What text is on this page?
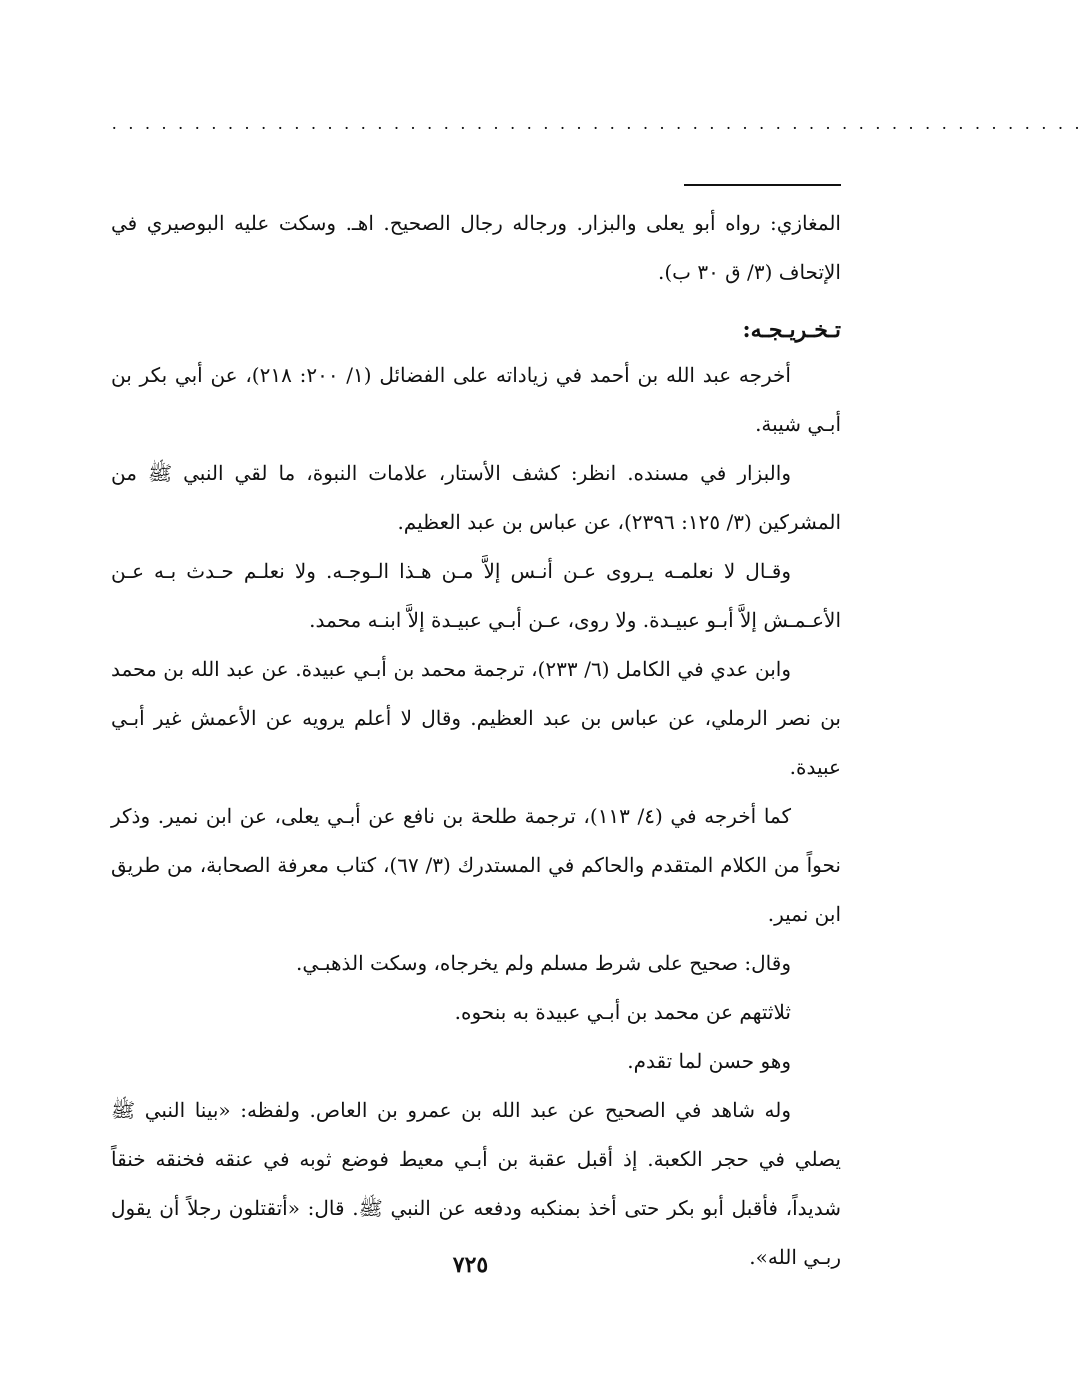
...........................................................

المغازي: رواه أبو يعلى والبزار. ورجاله رجال الصحيح. اهـ. وسكت عليه البوصيري في الإتحاف (٣/ ق ٣٠ ب).

تـخـريـجـه:

أخرجه عبد الله بن أحمد في زياداته على الفضائل (١/ ٢٠٠: ٢١٨)، عن أبي بكر بن أبـي شيبة.

والبزار في مسنده. انظر: كشف الأستار، علامات النبوة، ما لقي النبي ﷺ من المشركين (٣/ ١٢٥: ٢٣٩٦)، عن عباس بن عبد العظيم.

وقـال لا نعلمـه يـروى عـن أنـس إلاَّ مـن هـذا الـوجـه. ولا نعلـم حـدث بـه عـن الأعـمـش إلاَّ أبـو عبيـدة. ولا روى، عـن أبـي عبيـدة إلاَّ ابنـه محمد.

وابن عدي في الكامل (٦/ ٢٣٣)، ترجمة محمد بن أبـي عبيدة. عن عبد الله بن محمد بن نصر الرملي، عن عباس بن عبد العظيم. وقال لا أعلم يرويه عن الأعمش غير أبـي عبيدة.

كما أخرجه في (٤/ ١١٣)، ترجمة طلحة بن نافع عن أبـي يعلى، عن ابن نمير. وذكر نحواً من الكلام المتقدم والحاكم في المستدرك (٣/ ٦٧)، كتاب معرفة الصحابة، من طريق ابن نمير.

وقال: صحيح على شرط مسلم ولم يخرجاه، وسكت الذهبـي.

ثلاثتهم عن محمد بن أبـي عبيدة به بنحوه.

وهو حسن لما تقدم.

وله شاهد في الصحيح عن عبد الله بن عمرو بن العاص. ولفظه: «بينا النبي ﷺ يصلي في حجر الكعبة. إذ أقبل عقبة بن أبـي معيط فوضع ثوبه في عنقه فخنقه خنقاً شديداً، فأقبل أبو بكر حتى أخذ بمنكبه ودفعه عن النبي ﷺ. قال: «أتقتلون رجلاً أن يقول ربـي الله».

٧٢٥
